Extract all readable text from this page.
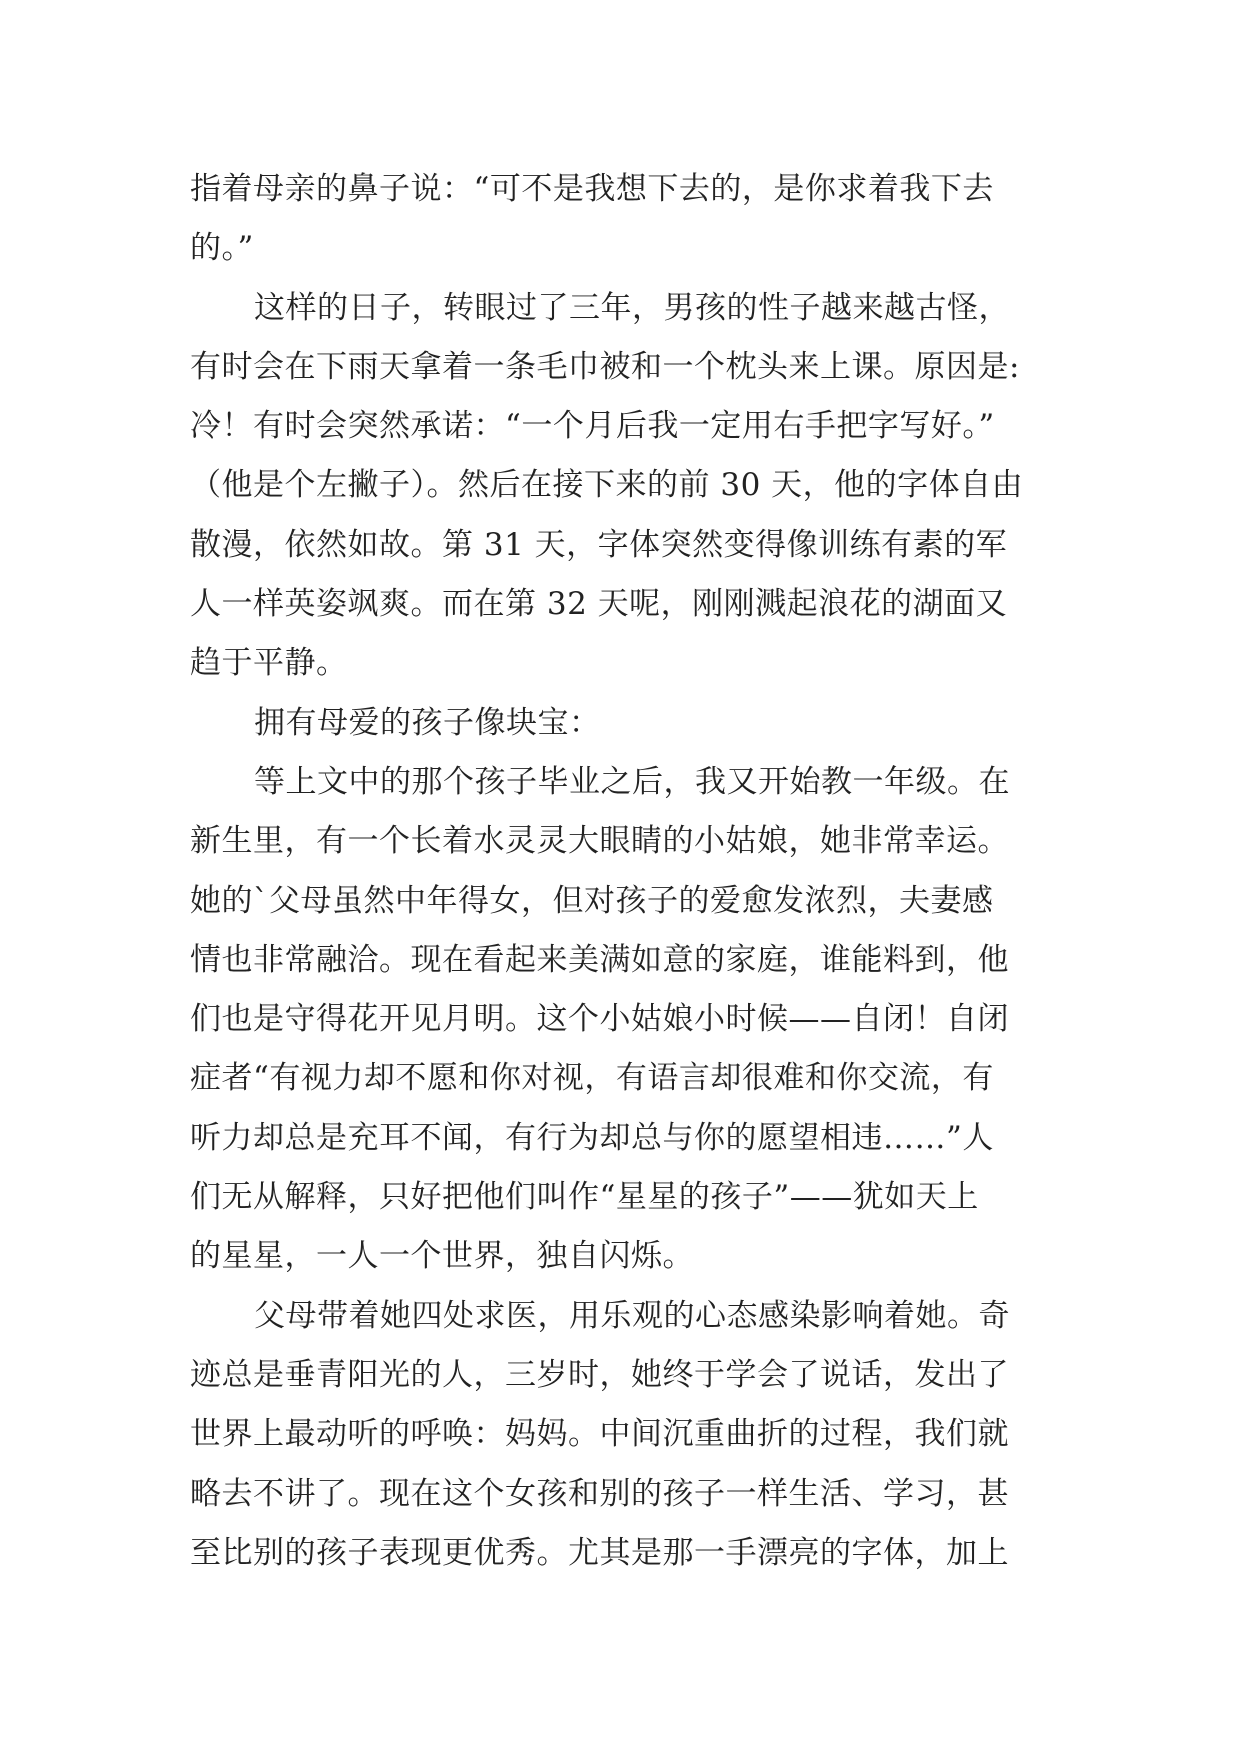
指着母亲的鼻子说：“可不是我想下去的，是你求着我下去
的。”
这样的日子，转眼过了三年，男孩的性子越来越古怪，
有时会在下雨天拿着一条毛巾被和一个枕头来上课。原因是:
冷！有时会突然承诺：“一个月后我一定用右手把字写好。”
（他是个左撇子）。然后在接下来的前 30 天，他的字体自由
散漫，依然如故。第 31 天，字体突然变得像训练有素的军
人一样英姿飒爽。而在第 32 天呢，刚刚溅起浪花的湖面又
趋于平静。
拥有母爱的孩子像块宝：
等上文中的那个孩子毕业之后，我又开始教一年级。在
新生里，有一个长着水灵灵大眼睛的小姑娘，她非常幸运。
她的`父母虽然中年得女，但对孩子的爱愈发浓烈，夫妻感
情也非常融洽。现在看起来美满如意的家庭，谁能料到，他
们也是守得花开见月明。这个小姑娘小时候——自闭！自闭
症者“有视力却不愿和你对视，有语言却很难和你交流，有
听力却总是充耳不闻，有行为却总与你的愿望相违……”人
们无从解释，只好把他们叫作“星星的孩子”——犹如天上
的星星，一人一个世界，独自闪烁。
父母带着她四处求医，用乐观的心态感染影响着她。奇
迹总是垂青阳光的人，三岁时，她终于学会了说话，发出了
世界上最动听的呼唤：妈妈。中间沉重曲折的过程，我们就
略去不讲了。现在这个女孩和别的孩子一样生活、学习，甚
至比别的孩子表现更优秀。尤其是那一手漂亮的字体，加上
